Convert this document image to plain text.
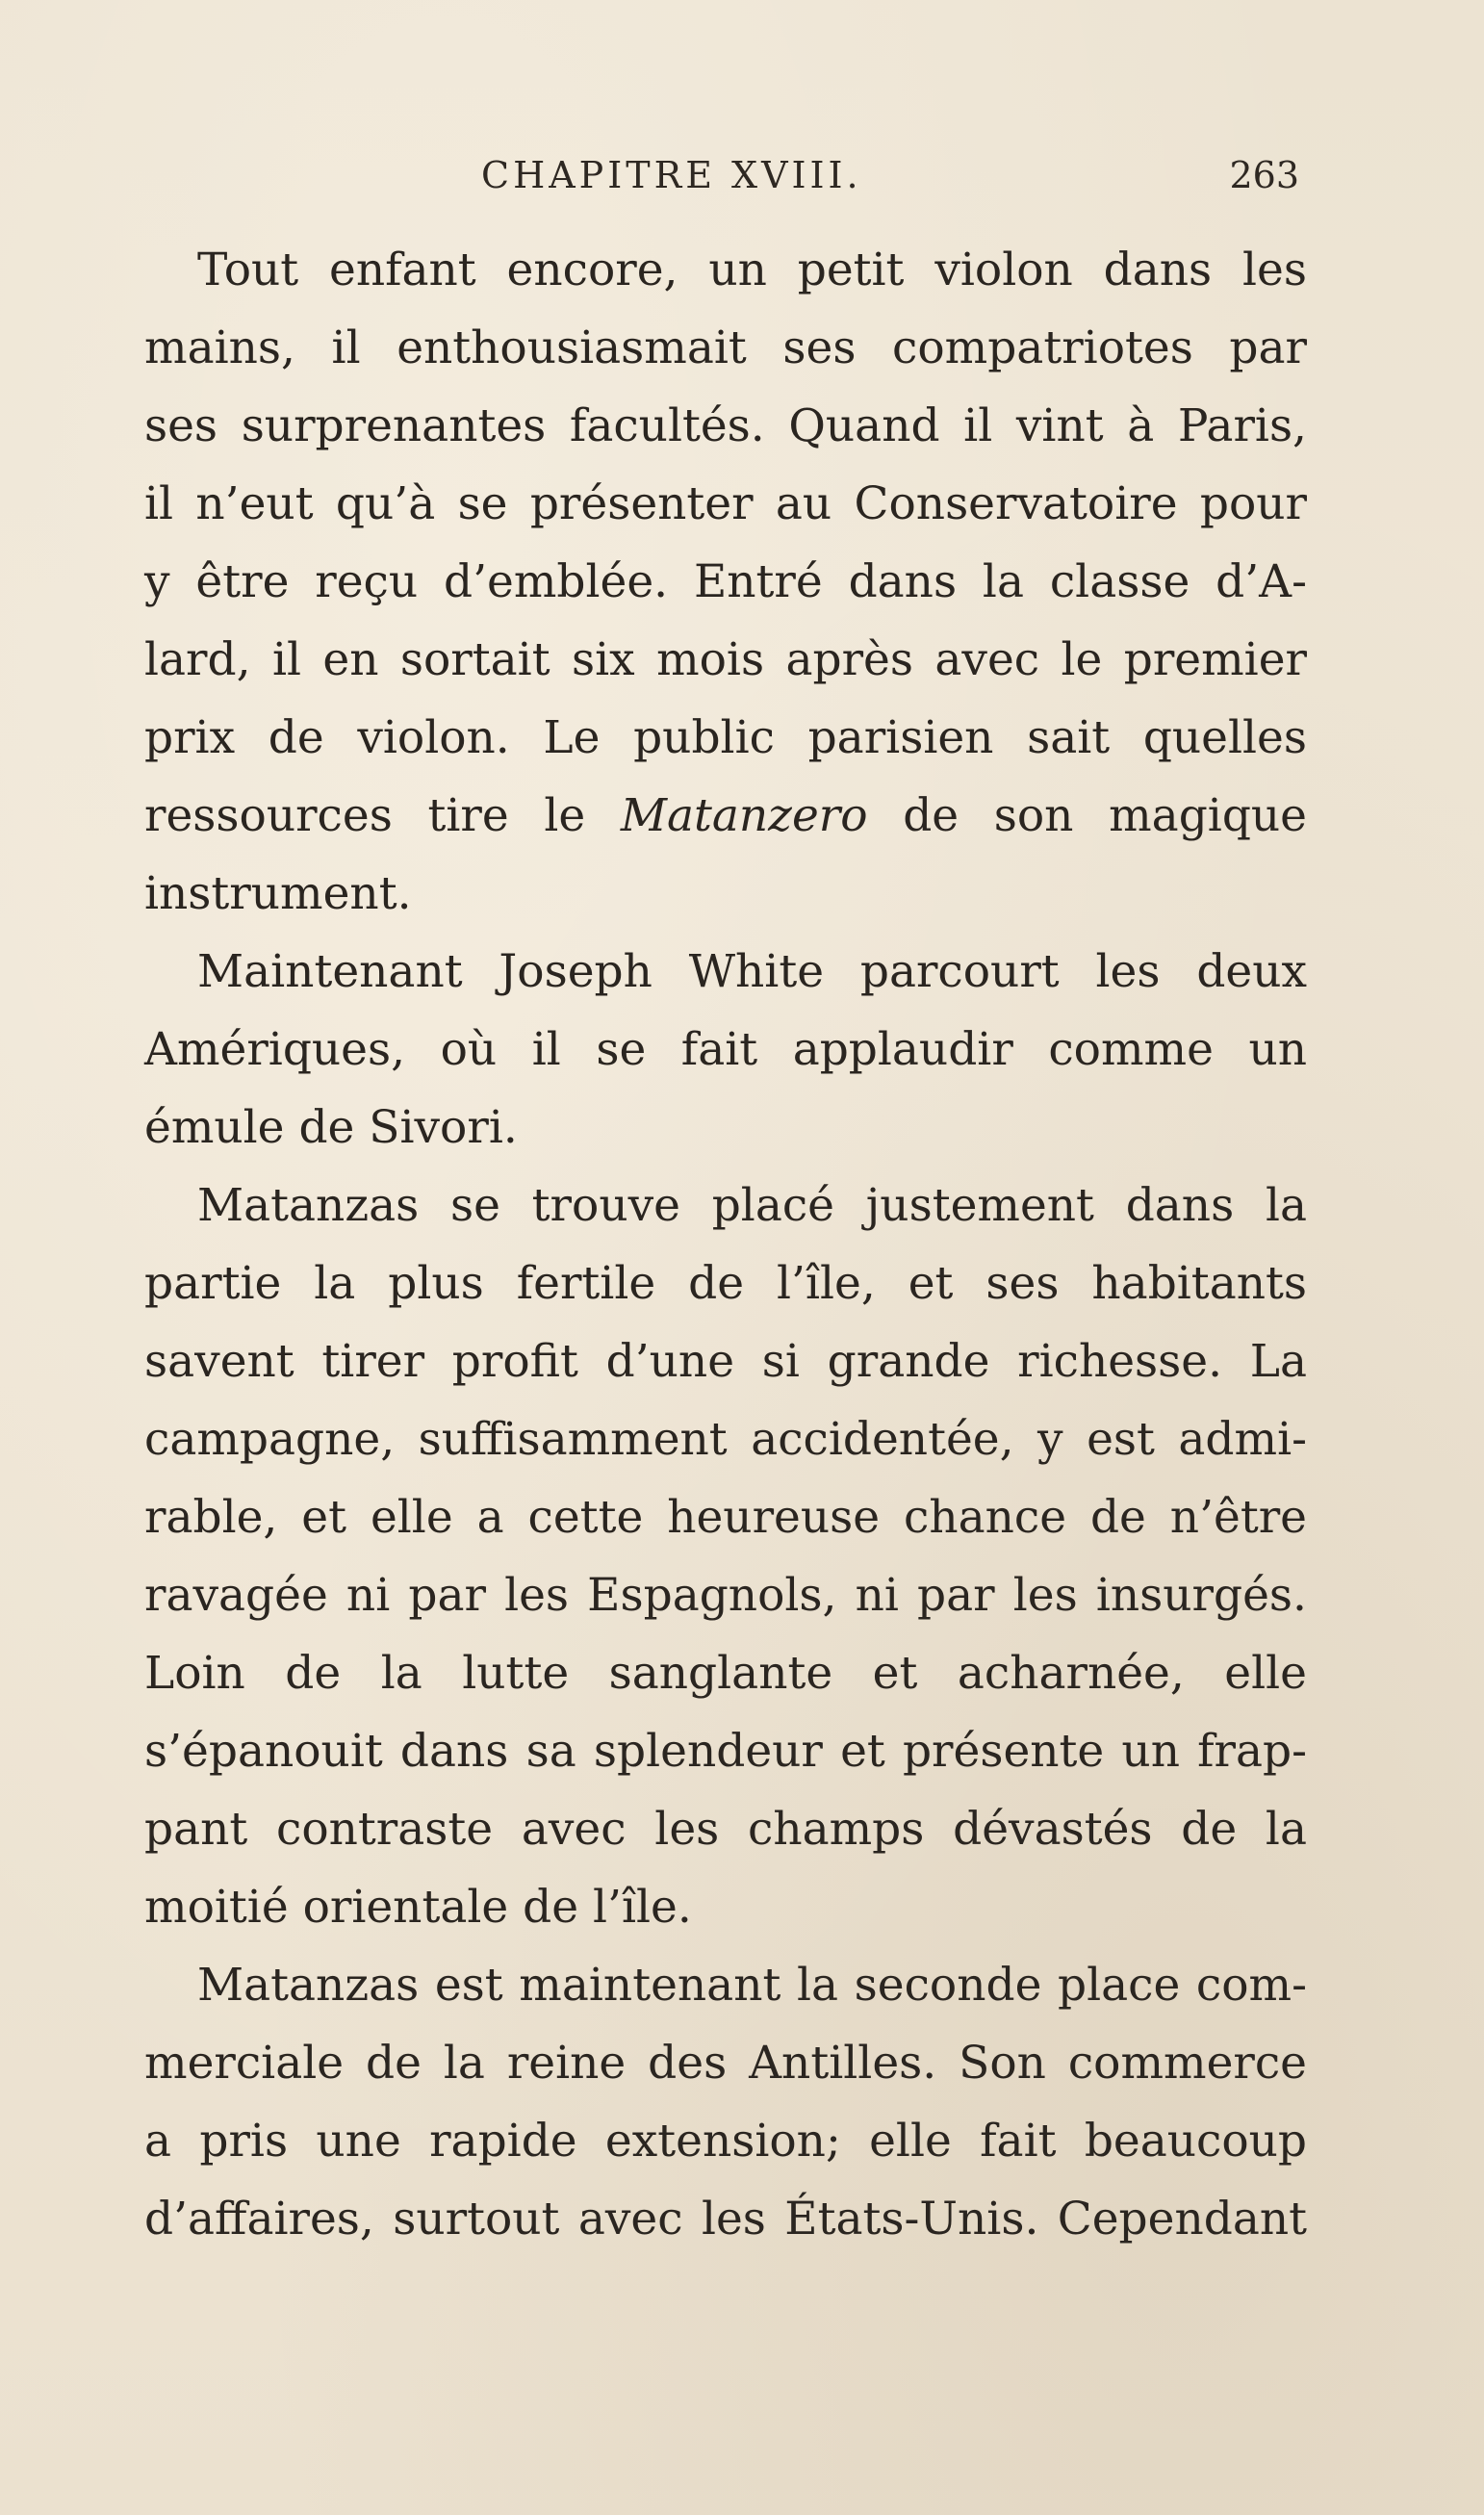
CHAPITRE XVIII.	263
Tout enfant encore, un petit violon dans les
mains, il enthousiasmait ses compatriotes par
ses surprenantes facultés. Quand il vint à Paris,
il n’eut qu’à se présenter au Conservatoire pour
y être reçu d’emblée. Entré dans la classe d’A-
lard, il en sortait six mois après avec le premier
prix de violon. Le public parisien sait quelles
ressources tire le Matanzero de son magique
instrument.
Maintenant Joseph White parcourt les deux
Amériques, où il se fait applaudir comme un
émule de Sivori.
Matanzas se trouve placé justement dans la
partie la plus fertile de l’île, et ses habitants
savent tirer profit d’une si grande richesse. La
campagne, suffisamment accidentée, y est admi-
rable, et elle a cette heureuse chance de n’être
ravagée ni par les Espagnols, ni par les insurgés.
Loin de la lutte sanglante et acharnée, elle
s’épanouit dans sa splendeur et présente un frap-
pant contraste avec les champs dévastés de la
moitié orientale de l’île.
Matanzas est maintenant la seconde place com-
merciale de la reine des Antilles. Son commerce
a pris une rapide extension; elle fait beaucoup
d’affaires, surtout avec les États-Unis. Cependant
